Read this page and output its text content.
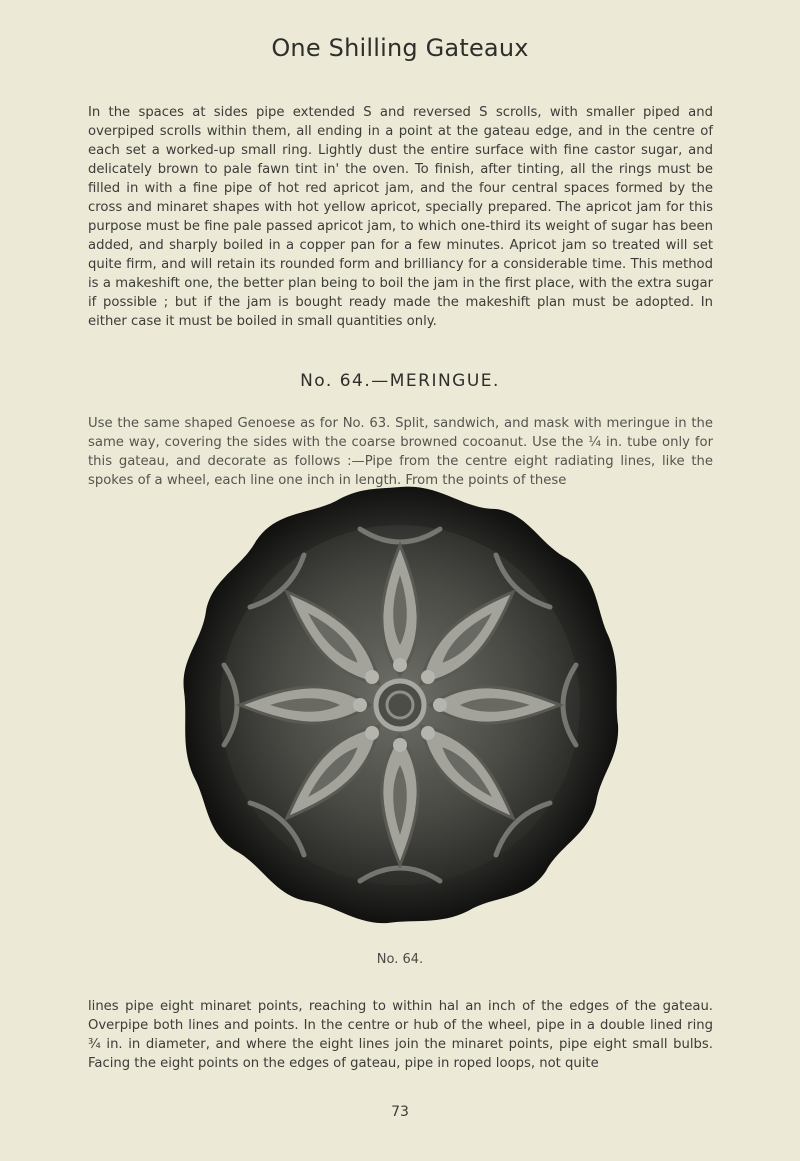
One Shilling Gateaux

In the spaces at sides pipe extended S and reversed S scrolls, with smaller piped and overpiped scrolls within them, all ending in a point at the gateau edge, and in the centre of each set a worked-up small ring. Lightly dust the entire surface with fine castor sugar, and delicately brown to pale fawn tint in' the oven. To finish, after tinting, all the rings must be filled in with a fine pipe of hot red apricot jam, and the four central spaces formed by the cross and minaret shapes with hot yellow apricot, specially prepared. The apricot jam for this purpose must be fine pale passed apricot jam, to which one-third its weight of sugar has been added, and sharply boiled in a copper pan for a few minutes. Apricot jam so treated will set quite firm, and will retain its rounded form and brilliancy for a considerable time. This method is a makeshift one, the better plan being to boil the jam in the first place, with the extra sugar if possible ; but if the jam is bought ready made the makeshift plan must be adopted. In either case it must be boiled in small quantities only.

No. 64.—MERINGUE.

Use the same shaped Genoese as for No. 63. Split, sandwich, and mask with meringue in the same way, covering the sides with the coarse browned cocoanut. Use the ¼ in. tube only for this gateau, and decorate as follows :—Pipe from the centre eight radiating lines, like the spokes of a wheel, each line one inch in length. From the points of these

No. 64.

lines pipe eight minaret points, reaching to within hal an inch of the edges of the gateau. Overpipe both lines and points. In the centre or hub of the wheel, pipe in a double lined ring ¾ in. in diameter, and where the eight lines join the minaret points, pipe eight small bulbs. Facing the eight points on the edges of gateau, pipe in roped loops, not quite

73
